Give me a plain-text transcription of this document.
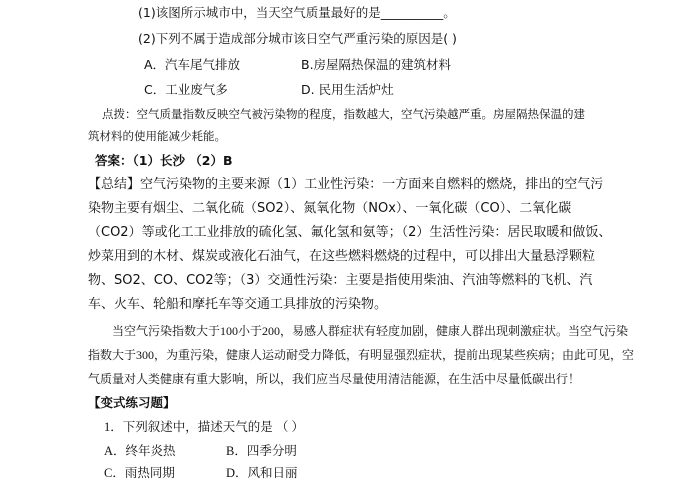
(1)该图所示城市中，当天空气质量最好的是__________。
(2)下列不属于造成部分城市该日空气严重污染的原因是( )
A．汽车尾气排放	B.房屋隔热保温的建筑材料
C．工业废气多	D. 民用生活炉灶
点拨：空气质量指数反映空气被污染物的程度，指数越大，空气污染越严重。房屋隔热保温的建
筑材料的使用能减少耗能。
答案：（1）长沙 （2）B
【总结】空气污染物的主要来源（1）工业性污染：一方面来自燃料的燃烧，排出的空气污
染物主要有烟尘、二氧化硫（SO2）、氮氧化物（NOx）、一氧化碳（CO）、二氧化碳
（CO2）等或化工工业排放的硫化氢、氟化氢和氨等；（2）生活性污染：居民取暖和做饭、
炒菜用到的木材、煤炭或液化石油气，在这些燃料燃烧的过程中，可以排出大量悬浮颗粒
物、SO2、CO、CO2等；（3）交通性污染：主要是指使用柴油、汽油等燃料的飞机、汽
车、火车、轮船和摩托车等交通工具排放的污染物。
当空气污染指数大于100小于200，易感人群症状有轻度加剧，健康人群出现刺激症状。当空气污染
指数大于300，为重污染，健康人运动耐受力降低，有明显强烈症状，提前出现某些疾病；由此可见，空
气质量对人类健康有重大影响，所以，我们应当尽量使用清洁能源，在生活中尽量低碳出行！
【变式练习题】
1．下列叙述中，描述天气的是 （ ）
A．终年炎热	B．四季分明
C．雨热同期	D．风和日丽
